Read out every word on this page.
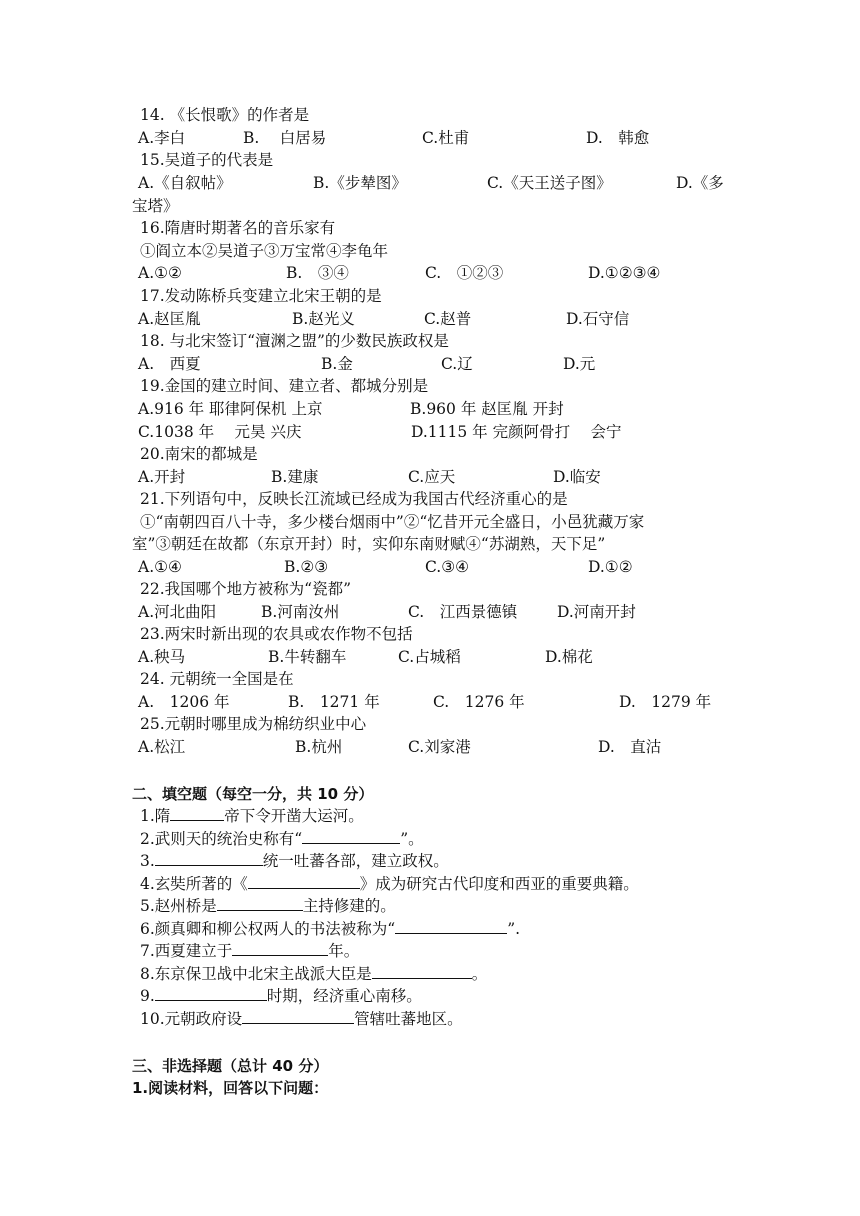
14. 《长恨歌》的作者是
A.李白	B.　 白居易	C.杜甫	D.　韩愈
15.吴道子的代表是
A.《自叙帖》	B.《步辇图》	C.《天王送子图》	D.《多
宝塔》
16.隋唐时期著名的音乐家有
①阎立本②吴道子③万宝常④李龟年
A.①②	B.　③④	C.　①②③	D.①②③④
17.发动陈桥兵变建立北宋王朝的是
A.赵匡胤	B.赵光义	C.赵普	D.石守信
18. 与北宋签订“澶渊之盟”的少数民族政权是
A.　西夏	B.金	C.辽	D.元
19.金国的建立时间、建立者、都城分别是
A.916 年 耶律阿保机 上京	B.960 年 赵匡胤 开封
C.1038 年　 元昊 兴庆	D.1115 年 完颜阿骨打　 会宁
20.南宋的都城是
A.开封	B.建康	C.应天	D.临安
21.下列语句中，反映长江流域已经成为我国古代经济重心的是
①“南朝四百八十寺，多少楼台烟雨中”②“忆昔开元全盛日，小邑犹藏万家
室”③朝廷在故都（东京开封）时，实仰东南财赋④“苏湖熟，天下足”
A.①④	B.②③	C.③④	D.①②
22.我国哪个地方被称为“瓷都”
A.河北曲阳	B.河南汝州	C.　江西景德镇	D.河南开封
23.两宋时新出现的农具或农作物不包括
A.秧马	B.牛转翻车	C.占城稻	D.棉花
24. 元朝统一全国是在
A.　1206 年	B.　1271 年	C.　1276 年	D.　1279 年
25.元朝时哪里成为棉纺织业中心
A.松江	B.杭州	C.刘家港	D.　直沽
二、填空题（每空一分，共 10 分）
1.隋	帝下令开凿大运河。
2.武则天的统治史称有“	”。
3.	统一吐蕃各部，建立政权。
4.玄奘所著的《	》成为研究古代印度和西亚的重要典籍。
5.赵州桥是	主持修建的。
6.颜真卿和柳公权两人的书法被称为“	”.
7.西夏建立于	年。
8.东京保卫战中北宋主战派大臣是	。
9.	时期，经济重心南移。
10.元朝政府设	管辖吐蕃地区。
三、非选择题（总计 40 分）
1.阅读材料，回答以下问题：
